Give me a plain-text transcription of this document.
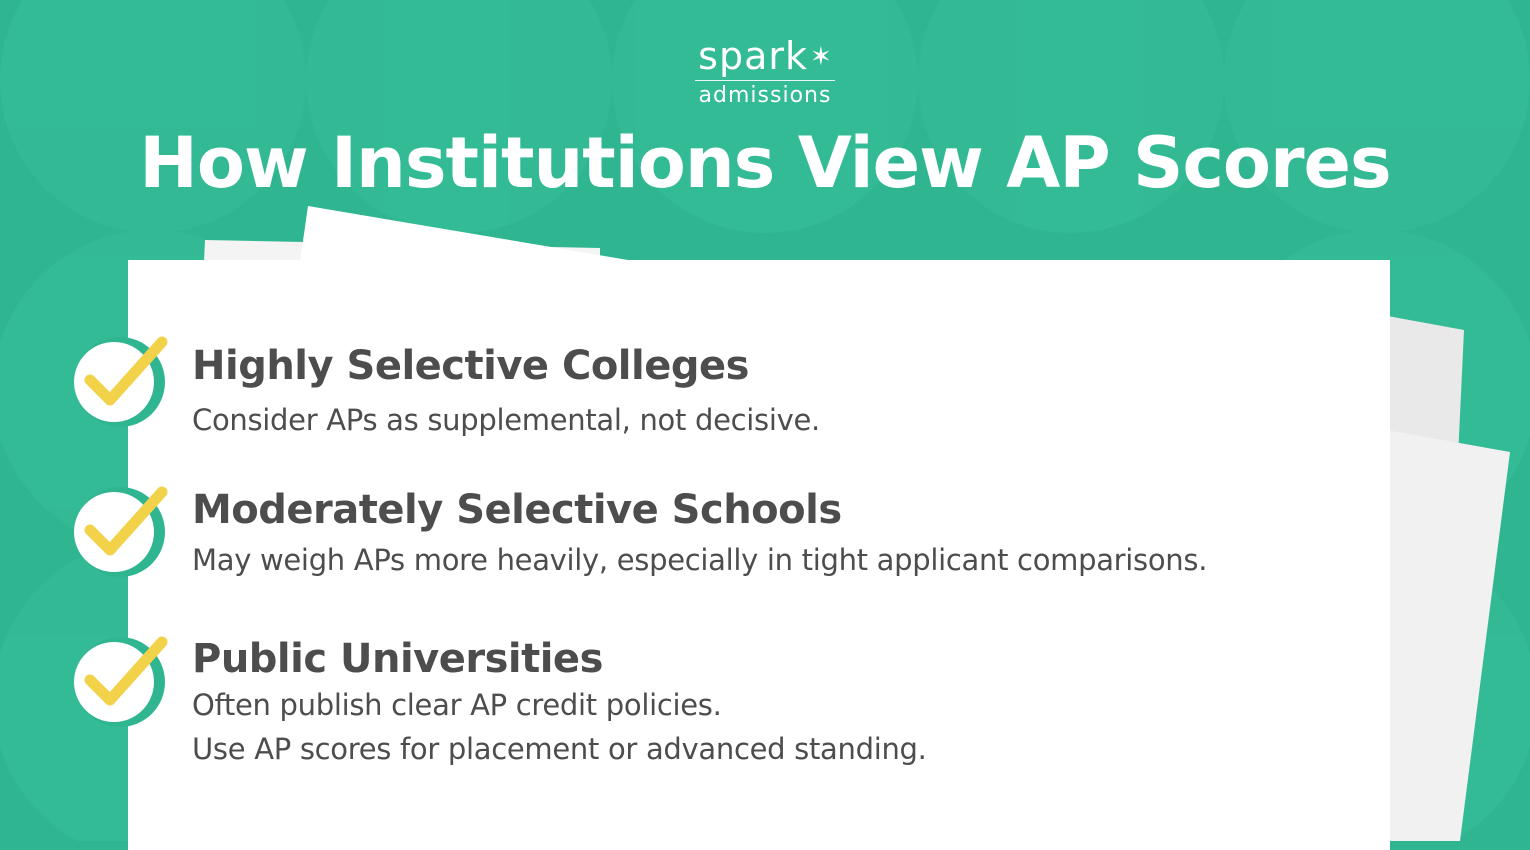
spark✶
admissions
How Institutions View AP Scores
Highly Selective Colleges
Consider APs as supplemental, not decisive.
Moderately Selective Schools
May weigh APs more heavily, especially in tight applicant comparisons.
Public Universities
Often publish clear AP credit policies.
Use AP scores for placement or advanced standing.
